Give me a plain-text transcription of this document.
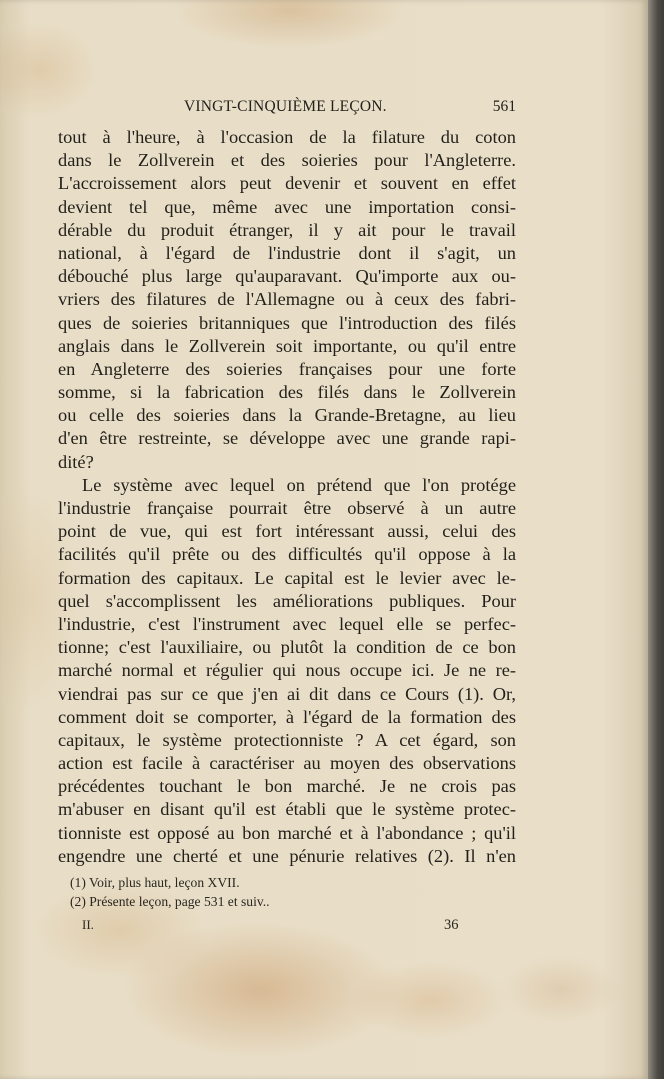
VINGT-CINQUIÈME LEÇON.	561
tout à l'heure, à l'occasion de la filature du coton
dans le Zollverein et des soieries pour l'Angleterre.
L'accroissement alors peut devenir et souvent en effet
devient tel que, même avec une importation consi-
dérable du produit étranger, il y ait pour le travail
national, à l'égard de l'industrie dont il s'agit, un
débouché plus large qu'auparavant. Qu'importe aux ou-
vriers des filatures de l'Allemagne ou à ceux des fabri-
ques de soieries britanniques que l'introduction des filés
anglais dans le Zollverein soit importante, ou qu'il entre
en Angleterre des soieries françaises pour une forte
somme, si la fabrication des filés dans le Zollverein
ou celle des soieries dans la Grande-Bretagne, au lieu
d'en être restreinte, se développe avec une grande rapi-
dité?
Le système avec lequel on prétend que l'on protége
l'industrie française pourrait être observé à un autre
point de vue, qui est fort intéressant aussi, celui des
facilités qu'il prête ou des difficultés qu'il oppose à la
formation des capitaux. Le capital est le levier avec le-
quel s'accomplissent les améliorations publiques. Pour
l'industrie, c'est l'instrument avec lequel elle se perfec-
tionne; c'est l'auxiliaire, ou plutôt la condition de ce bon
marché normal et régulier qui nous occupe ici. Je ne re-
viendrai pas sur ce que j'en ai dit dans ce Cours (1). Or,
comment doit se comporter, à l'égard de la formation des
capitaux, le système protectionniste ? A cet égard, son
action est facile à caractériser au moyen des observations
précédentes touchant le bon marché. Je ne crois pas
m'abuser en disant qu'il est établi que le système protec-
tionniste est opposé au bon marché et à l'abondance ; qu'il
engendre une cherté et une pénurie relatives (2). Il n'en
(1) Voir, plus haut, leçon XVII.
(2) Présente leçon, page 531 et suiv..
II.	36
